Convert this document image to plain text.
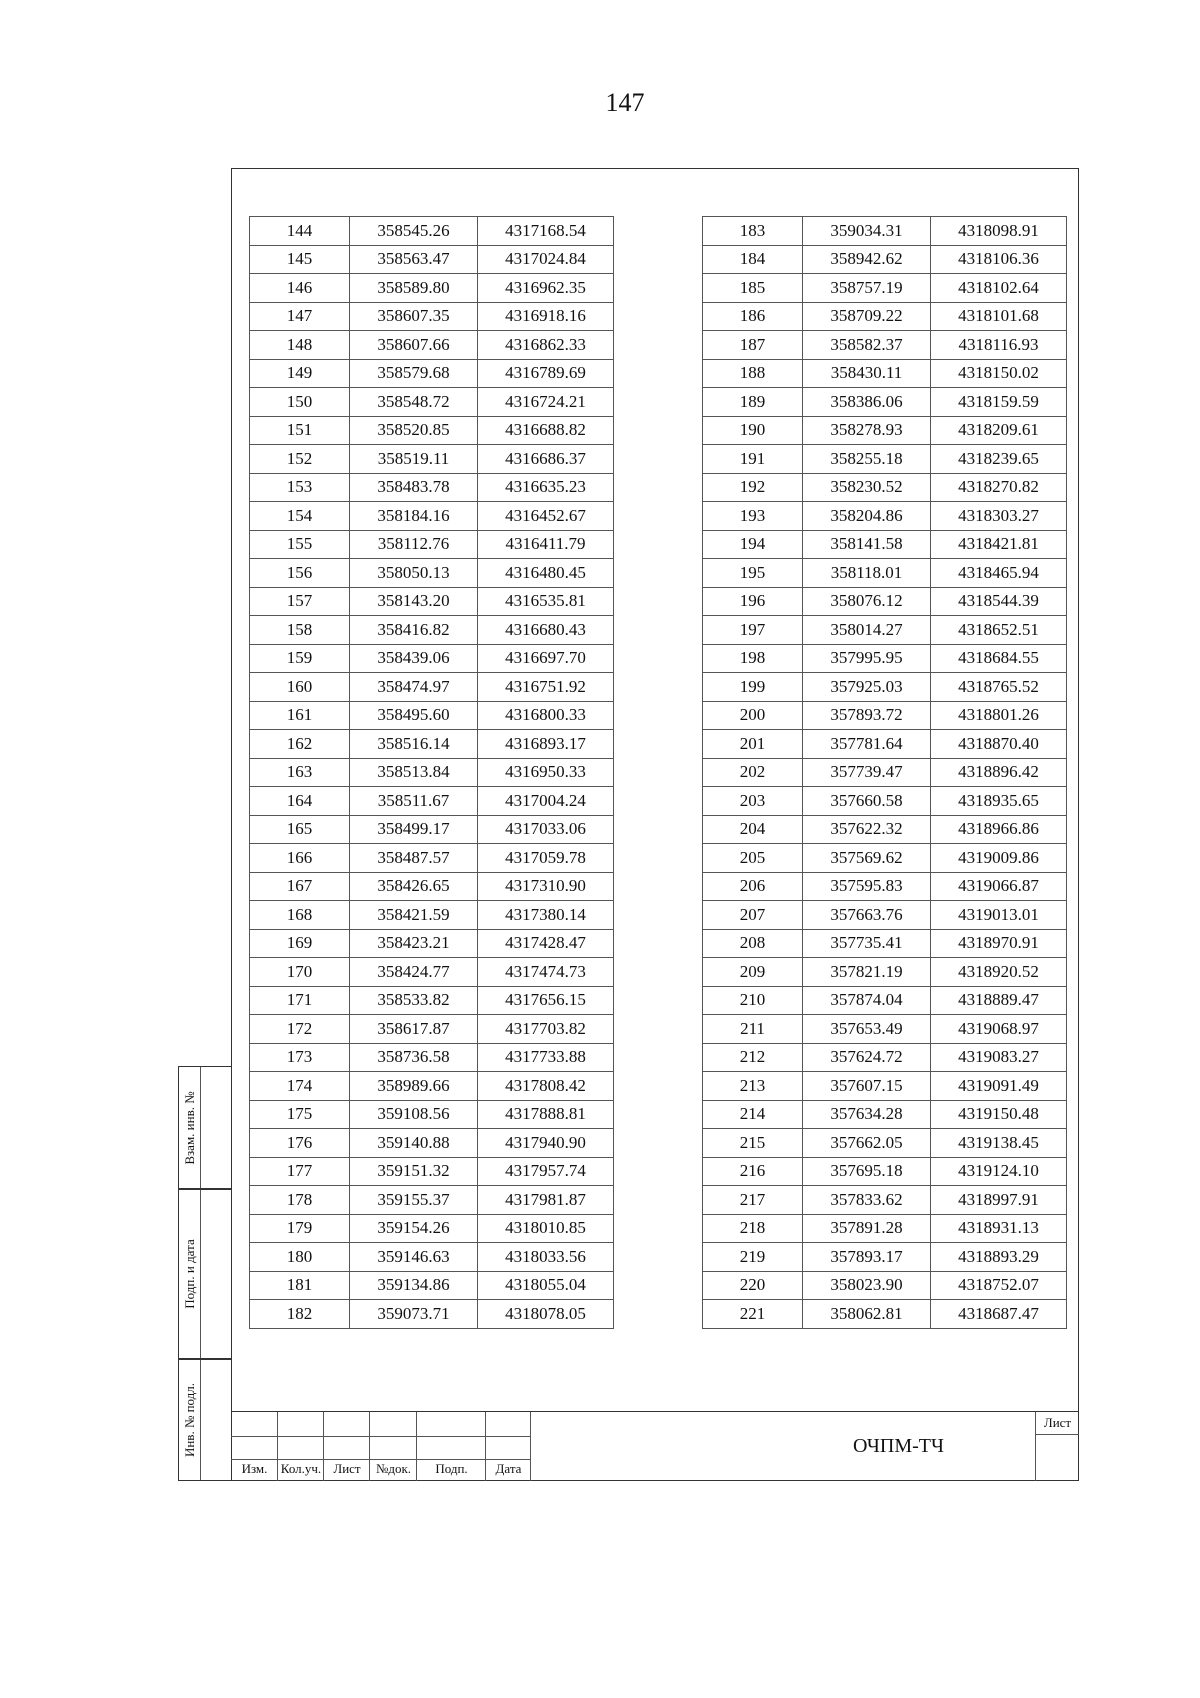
147
144	358545.26	4317168.54
145	358563.47	4317024.84
146	358589.80	4316962.35
147	358607.35	4316918.16
148	358607.66	4316862.33
149	358579.68	4316789.69
150	358548.72	4316724.21
151	358520.85	4316688.82
152	358519.11	4316686.37
153	358483.78	4316635.23
154	358184.16	4316452.67
155	358112.76	4316411.79
156	358050.13	4316480.45
157	358143.20	4316535.81
158	358416.82	4316680.43
159	358439.06	4316697.70
160	358474.97	4316751.92
161	358495.60	4316800.33
162	358516.14	4316893.17
163	358513.84	4316950.33
164	358511.67	4317004.24
165	358499.17	4317033.06
166	358487.57	4317059.78
167	358426.65	4317310.90
168	358421.59	4317380.14
169	358423.21	4317428.47
170	358424.77	4317474.73
171	358533.82	4317656.15
172	358617.87	4317703.82
173	358736.58	4317733.88
174	358989.66	4317808.42
175	359108.56	4317888.81
176	359140.88	4317940.90
177	359151.32	4317957.74
178	359155.37	4317981.87
179	359154.26	4318010.85
180	359146.63	4318033.56
181	359134.86	4318055.04
182	359073.71	4318078.05
183	359034.31	4318098.91
184	358942.62	4318106.36
185	358757.19	4318102.64
186	358709.22	4318101.68
187	358582.37	4318116.93
188	358430.11	4318150.02
189	358386.06	4318159.59
190	358278.93	4318209.61
191	358255.18	4318239.65
192	358230.52	4318270.82
193	358204.86	4318303.27
194	358141.58	4318421.81
195	358118.01	4318465.94
196	358076.12	4318544.39
197	358014.27	4318652.51
198	357995.95	4318684.55
199	357925.03	4318765.52
200	357893.72	4318801.26
201	357781.64	4318870.40
202	357739.47	4318896.42
203	357660.58	4318935.65
204	357622.32	4318966.86
205	357569.62	4319009.86
206	357595.83	4319066.87
207	357663.76	4319013.01
208	357735.41	4318970.91
209	357821.19	4318920.52
210	357874.04	4318889.47
211	357653.49	4319068.97
212	357624.72	4319083.27
213	357607.15	4319091.49
214	357634.28	4319150.48
215	357662.05	4319138.45
216	357695.18	4319124.10
217	357833.62	4318997.91
218	357891.28	4318931.13
219	357893.17	4318893.29
220	358023.90	4318752.07
221	358062.81	4318687.47
Взам. инв. №
Подп. и дата
Инв. № подл.
Изм.	Кол.уч. Лист	№док.	Подп.	Дата
ОЧПМ-ТЧ
Лист
